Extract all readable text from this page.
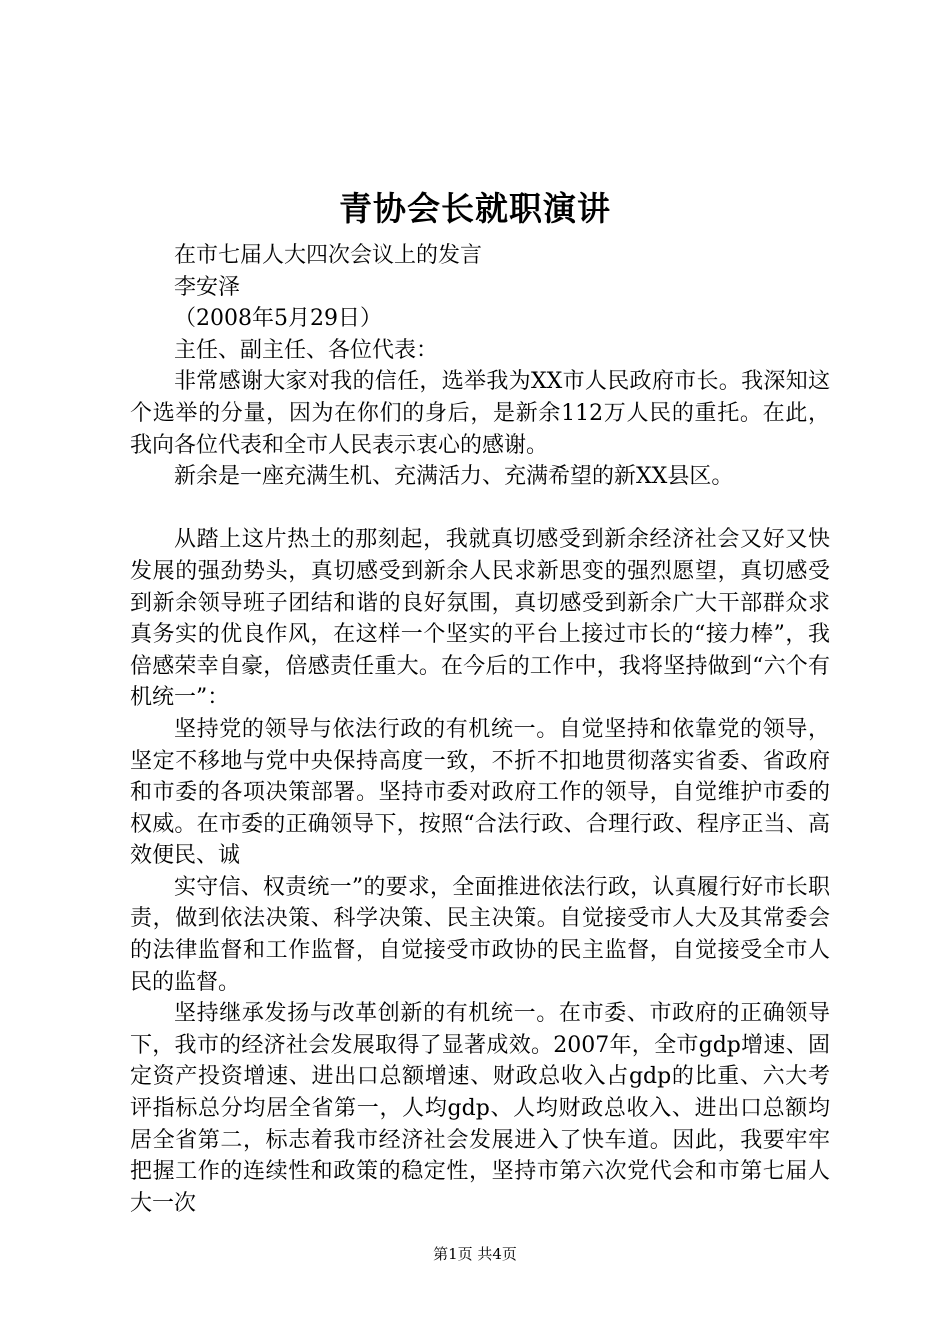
青协会长就职演讲

在市七届人大四次会议上的发言

李安泽

（2008年5月29日）

主任、副主任、各位代表：

非常感谢大家对我的信任，选举我为XX市人民政府市长。我深知这个选举的分量，因为在你们的身后，是新余112万人民的重托。在此，我向各位代表和全市人民表示衷心的感谢。

新余是一座充满生机、充满活力、充满希望的新XX县区。

从踏上这片热土的那刻起，我就真切感受到新余经济社会又好又快发展的强劲势头，真切感受到新余人民求新思变的强烈愿望，真切感受到新余领导班子团结和谐的良好氛围，真切感受到新余广大干部群众求真务实的优良作风，在这样一个坚实的平台上接过市长的“接力棒”，我倍感荣幸自豪，倍感责任重大。在今后的工作中，我将坚持做到“六个有机统一”：

坚持党的领导与依法行政的有机统一。自觉坚持和依靠党的领导，坚定不移地与党中央保持高度一致，不折不扣地贯彻落实省委、省政府和市委的各项决策部署。坚持市委对政府工作的领导，自觉维护市委的权威。在市委的正确领导下，按照“合法行政、合理行政、程序正当、高效便民、诚

实守信、权责统一”的要求，全面推进依法行政，认真履行好市长职责，做到依法决策、科学决策、民主决策。自觉接受市人大及其常委会的法律监督和工作监督，自觉接受市政协的民主监督，自觉接受全市人民的监督。

坚持继承发扬与改革创新的有机统一。在市委、市政府的正确领导下，我市的经济社会发展取得了显著成效。2007年，全市gdp增速、固定资产投资增速、进出口总额增速、财政总收入占gdp的比重、六大考评指标总分均居全省第一，人均gdp、人均财政总收入、进出口总额均居全省第二，标志着我市经济社会发展进入了快车道。因此，我要牢牢把握工作的连续性和政策的稳定性，坚持市第六次党代会和市第七届人大一次

第1页 共4页
